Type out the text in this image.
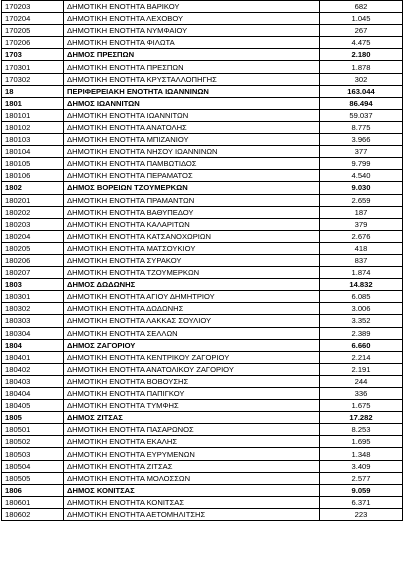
170203	ΔΗΜΟΤΙΚΗ ΕΝΟΤΗΤΑ ΒΑΡΙΚΟΥ	682
170204	ΔΗΜΟΤΙΚΗ ΕΝΟΤΗΤΑ ΛΕΧΟΒΟΥ	1.045
170205	ΔΗΜΟΤΙΚΗ ΕΝΟΤΗΤΑ ΝΥΜΦΑΙΟΥ	267
170206	ΔΗΜΟΤΙΚΗ ΕΝΟΤΗΤΑ ΦΙΛΩΤΑ	4.475
1703	ΔΗΜΟΣ ΠΡΕΣΠΩΝ	2.180
170301	ΔΗΜΟΤΙΚΗ ΕΝΟΤΗΤΑ ΠΡΕΣΠΩΝ	1.878
170302	ΔΗΜΟΤΙΚΗ ΕΝΟΤΗΤΑ ΚΡΥΣΤΑΛΛΟΠΗΓΗΣ	302
18	ΠΕΡΙΦΕΡΕΙΑΚΗ ΕΝΟΤΗΤΑ ΙΩΑΝΝΙΝΩΝ	163.044
1801	ΔΗΜΟΣ ΙΩΑΝΝΙΤΩΝ	86.494
180101	ΔΗΜΟΤΙΚΗ ΕΝΟΤΗΤΑ ΙΩΑΝΝΙΤΩΝ	59.037
180102	ΔΗΜΟΤΙΚΗ ΕΝΟΤΗΤΑ ΑΝΑΤΟΛΗΣ	8.775
180103	ΔΗΜΟΤΙΚΗ ΕΝΟΤΗΤΑ ΜΠΙΖΑΝΙΟΥ	3.966
180104	ΔΗΜΟΤΙΚΗ ΕΝΟΤΗΤΑ ΝΗΣΟΥ ΙΩΑΝΝΙΝΩΝ	377
180105	ΔΗΜΟΤΙΚΗ ΕΝΟΤΗΤΑ ΠΑΜΒΩΤΙΔΟΣ	9.799
180106	ΔΗΜΟΤΙΚΗ ΕΝΟΤΗΤΑ ΠΕΡΑΜΑΤΟΣ	4.540
1802	ΔΗΜΟΣ ΒΟΡΕΙΩΝ ΤΖΟΥΜΕΡΚΩΝ	9.030
180201	ΔΗΜΟΤΙΚΗ ΕΝΟΤΗΤΑ ΠΡΑΜΑΝΤΩΝ	2.659
180202	ΔΗΜΟΤΙΚΗ ΕΝΟΤΗΤΑ ΒΑΘΥΠΕΔΟΥ	187
180203	ΔΗΜΟΤΙΚΗ ΕΝΟΤΗΤΑ ΚΑΛΑΡΙΤΩΝ	379
180204	ΔΗΜΟΤΙΚΗ ΕΝΟΤΗΤΑ ΚΑΤΣΑΝΟΧΩΡΙΩΝ	2.676
180205	ΔΗΜΟΤΙΚΗ ΕΝΟΤΗΤΑ ΜΑΤΣΟΥΚΙΟΥ	418
180206	ΔΗΜΟΤΙΚΗ ΕΝΟΤΗΤΑ ΣΥΡΑΚΟΥ	837
180207	ΔΗΜΟΤΙΚΗ ΕΝΟΤΗΤΑ ΤΖΟΥΜΕΡΚΩΝ	1.874
1803	ΔΗΜΟΣ ΔΩΔΩΝΗΣ	14.832
180301	ΔΗΜΟΤΙΚΗ ΕΝΟΤΗΤΑ ΑΓΙΟΥ ΔΗΜΗΤΡΙΟΥ	6.085
180302	ΔΗΜΟΤΙΚΗ ΕΝΟΤΗΤΑ ΔΩΔΩΝΗΣ	3.006
180303	ΔΗΜΟΤΙΚΗ ΕΝΟΤΗΤΑ ΛΑΚΚΑΣ ΣΟΥΛΙΟΥ	3.352
180304	ΔΗΜΟΤΙΚΗ ΕΝΟΤΗΤΑ ΣΕΛΛΩΝ	2.389
1804	ΔΗΜΟΣ ΖΑΓΟΡΙΟΥ	6.660
180401	ΔΗΜΟΤΙΚΗ ΕΝΟΤΗΤΑ ΚΕΝΤΡΙΚΟΥ ΖΑΓΟΡΙΟΥ	2.214
180402	ΔΗΜΟΤΙΚΗ ΕΝΟΤΗΤΑ ΑΝΑΤΟΛΙΚΟΥ ΖΑΓΟΡΙΟΥ	2.191
180403	ΔΗΜΟΤΙΚΗ ΕΝΟΤΗΤΑ ΒΟΒΟΥΣΗΣ	244
180404	ΔΗΜΟΤΙΚΗ ΕΝΟΤΗΤΑ ΠΑΠΙΓΚΟΥ	336
180405	ΔΗΜΟΤΙΚΗ ΕΝΟΤΗΤΑ ΤΥΜΦΗΣ	1.675
1805	ΔΗΜΟΣ ΖΙΤΣΑΣ	17.282
180501	ΔΗΜΟΤΙΚΗ ΕΝΟΤΗΤΑ ΠΑΣΑΡΩΝΟΣ	8.253
180502	ΔΗΜΟΤΙΚΗ ΕΝΟΤΗΤΑ ΕΚΑΛΗΣ	1.695
180503	ΔΗΜΟΤΙΚΗ ΕΝΟΤΗΤΑ ΕΥΡΥΜΕΝΩΝ	1.348
180504	ΔΗΜΟΤΙΚΗ ΕΝΟΤΗΤΑ ΖΙΤΣΑΣ	3.409
180505	ΔΗΜΟΤΙΚΗ ΕΝΟΤΗΤΑ ΜΟΛΟΣΣΩΝ	2.577
1806	ΔΗΜΟΣ ΚΟΝΙΤΣΑΣ	9.059
180601	ΔΗΜΟΤΙΚΗ ΕΝΟΤΗΤΑ ΚΟΝΙΤΣΑΣ	6.371
180602	ΔΗΜΟΤΙΚΗ ΕΝΟΤΗΤΑ ΑΕΤΟΜΗΛΙΤΣΗΣ	223
